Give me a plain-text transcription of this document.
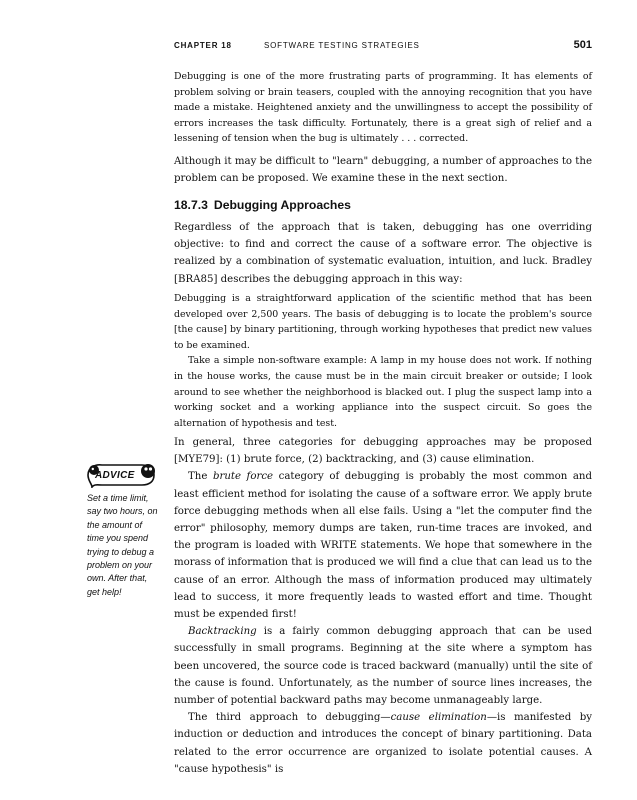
CHAPTER 18	SOFTWARE TESTING STRATEGIES	501

Debugging is one of the more frustrating parts of programming. It has elements of problem solving or brain teasers, coupled with the annoying recognition that you have made a mistake. Heightened anxiety and the unwillingness to accept the possibility of errors increases the task difficulty. Fortunately, there is a great sigh of relief and a lessening of tension when the bug is ultimately . . . corrected.

Although it may be difficult to "learn" debugging, a number of approaches to the problem can be proposed. We examine these in the next section.

18.7.3 Debugging Approaches

Regardless of the approach that is taken, debugging has one overriding objective: to find and correct the cause of a software error. The objective is realized by a combination of systematic evaluation, intuition, and luck. Bradley [BRA85] describes the debugging approach in this way:

Debugging is a straightforward application of the scientific method that has been developed over 2,500 years. The basis of debugging is to locate the problem's source [the cause] by binary partitioning, through working hypotheses that predict new values to be examined.

Take a simple non-software example: A lamp in my house does not work. If nothing in the house works, the cause must be in the main circuit breaker or outside; I look around to see whether the neighborhood is blacked out. I plug the suspect lamp into a working socket and a working appliance into the suspect circuit. So goes the alternation of hypothesis and test.

In general, three categories for debugging approaches may be proposed [MYE79]: (1) brute force, (2) backtracking, and (3) cause elimination.

The brute force category of debugging is probably the most common and least efficient method for isolating the cause of a software error. We apply brute force debugging methods when all else fails. Using a "let the computer find the error" philosophy, memory dumps are taken, run-time traces are invoked, and the program is loaded with WRITE statements. We hope that somewhere in the morass of information that is produced we will find a clue that can lead us to the cause of an error. Although the mass of information produced may ultimately lead to success, it more frequently leads to wasted effort and time. Thought must be expended first!

Backtracking is a fairly common debugging approach that can be used successfully in small programs. Beginning at the site where a symptom has been uncovered, the source code is traced backward (manually) until the site of the cause is found. Unfortunately, as the number of source lines increases, the number of potential backward paths may become unmanageably large.

The third approach to debugging—cause elimination—is manifested by induction or deduction and introduces the concept of binary partitioning. Data related to the error occurrence are organized to isolate potential causes. A "cause hypothesis" is

ADVICE
Set a time limit, say two hours, on the amount of time you spend trying to debug a problem on your own. After that, get help!
